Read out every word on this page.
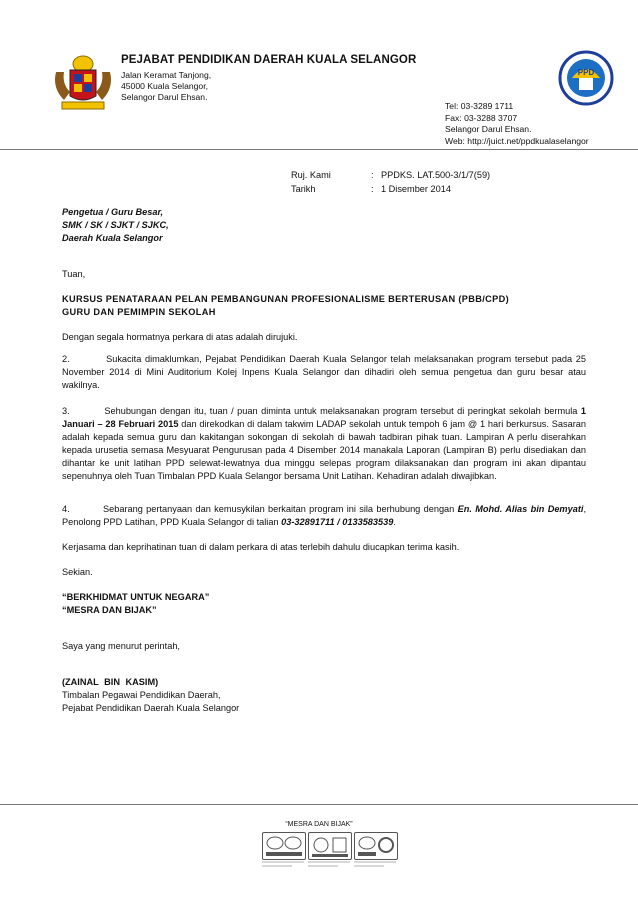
PPD
PEJABAT PENDIDIKAN DAERAH KUALA SELANGOR
Jalan Keramat Tanjong,
45000 Kuala Selangor,
Selangor Darul Ehsan.
Tel: 03-3289 1711
Fax: 03-3288 3707
Selangor Darul Ehsan.
Web: http://juict.net/ppdkualaselangor
Ruj. Kami	: PPDKS. LAT.500-3/1/7(59)
Tarikh	: 1 Disember 2014
Pengetua / Guru Besar,
SMK / SK / SJKT / SJKC,
Daerah Kuala Selangor
Tuan,
KURSUS PENATARAAN PELAN PEMBANGUNAN PROFESIONALISME BERTERUSAN (PBB/CPD)
GURU DAN PEMIMPIN SEKOLAH
Dengan segala hormatnya perkara di atas adalah dirujuki.
2.          Sukacita dimaklumkan, Pejabat Pendidikan Daerah Kuala Selangor telah melaksanakan program tersebut pada 25 November 2014 di Mini Auditorium Kolej Inpens Kuala Selangor dan dihadiri oleh semua pengetua dan guru besar atau wakilnya.
3.          Sehubungan dengan itu, tuan / puan diminta untuk melaksanakan program tersebut di peringkat sekolah bermula 1 Januari – 28 Februari 2015 dan direkodkan di dalam takwim LADAP sekolah untuk tempoh 6 jam @ 1 hari berkursus. Sasaran adalah kepada semua guru dan kakitangan sokongan di sekolah di bawah tadbiran pihak tuan. Lampiran A perlu diserahkan kepada urusetia semasa Mesyuarat Pengurusan pada 4 Disember 2014 manakala Laporan (Lampiran B) perlu disediakan dan dihantar ke unit latihan PPD selewat-lewatnya dua minggu selepas program dilaksanakan dan program ini akan dipantau sepenuhnya oleh Tuan Timbalan PPD Kuala Selangor bersama Unit Latihan. Kehadiran adalah diwajibkan.
4.          Sebarang pertanyaan dan kemusykilan berkaitan program ini sila berhubung dengan En. Mohd. Alias bin Demyati, Penolong PPD Latihan, PPD Kuala Selangor di talian 03-32891711 / 0133583539.
Kerjasama dan keprihatinan tuan di dalam perkara di atas terlebih dahulu diucapkan terima kasih.
Sekian.
“BERKHIDMAT UNTUK NEGARA”
“MESRA DAN BIJAK”
Saya yang menurut perintah,
(ZAINAL BIN KASIM)
Timbalan Pegawai Pendidikan Daerah,
Pejabat Pendidikan Daerah Kuala Selangor
“MESRA DAN BIJAK”
